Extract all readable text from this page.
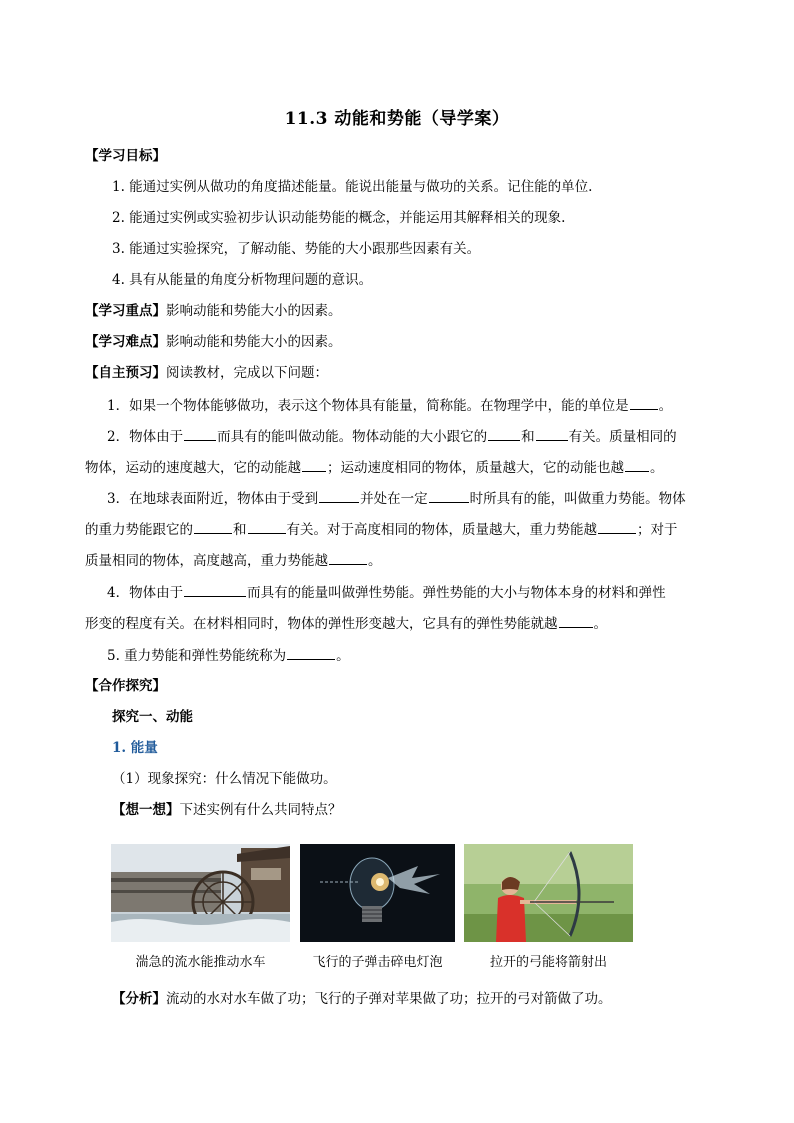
11.3 动能和势能（导学案）
【学习目标】
1. 能通过实例从做功的角度描述能量。能说出能量与做功的关系。记住能的单位.
2. 能通过实例或实验初步认识动能势能的概念，并能运用其解释相关的现象.
3. 能通过实验探究，了解动能、势能的大小跟那些因素有关。
4. 具有从能量的角度分析物理问题的意识。
【学习重点】影响动能和势能大小的因素。
【学习难点】影响动能和势能大小的因素。
【自主预习】阅读教材，完成以下问题：
1．如果一个物体能够做功，表示这个物体具有能量，简称能。在物理学中，能的单位是 。
2．物体由于	而具有的能叫做动能。物体动能的大小跟它的	和	有关。质量相同的
物体，运动的速度越大，它的动能越 ；运动速度相同的物体，质量越大，它的动能也越 。
3．在地球表面附近，物体由于受到	并处在一定	时所具有的能，叫做重力势能。物体
的重力势能跟它的	和	有关。对于高度相同的物体，质量越大，重力势能越	；对于
质量相同的物体，高度越高，重力势能越	。
4．物体由于	而具有的能量叫做弹性势能。弹性势能的大小与物体本身的材料和弹性
形变的程度有关。在材料相同时，物体的弹性形变越大，它具有的弹性势能就越	。
5. 重力势能和弹性势能统称为	。
【合作探究】
探究一、动能
1. 能量
（1）现象探究：什么情况下能做功。
【想一想】下述实例有什么共同特点？
湍急的流水能推动水车	飞行的子弹击碎电灯泡	拉开的弓能将箭射出
【分析】流动的水对水车做了功；飞行的子弹对苹果做了功；拉开的弓对箭做了功。
